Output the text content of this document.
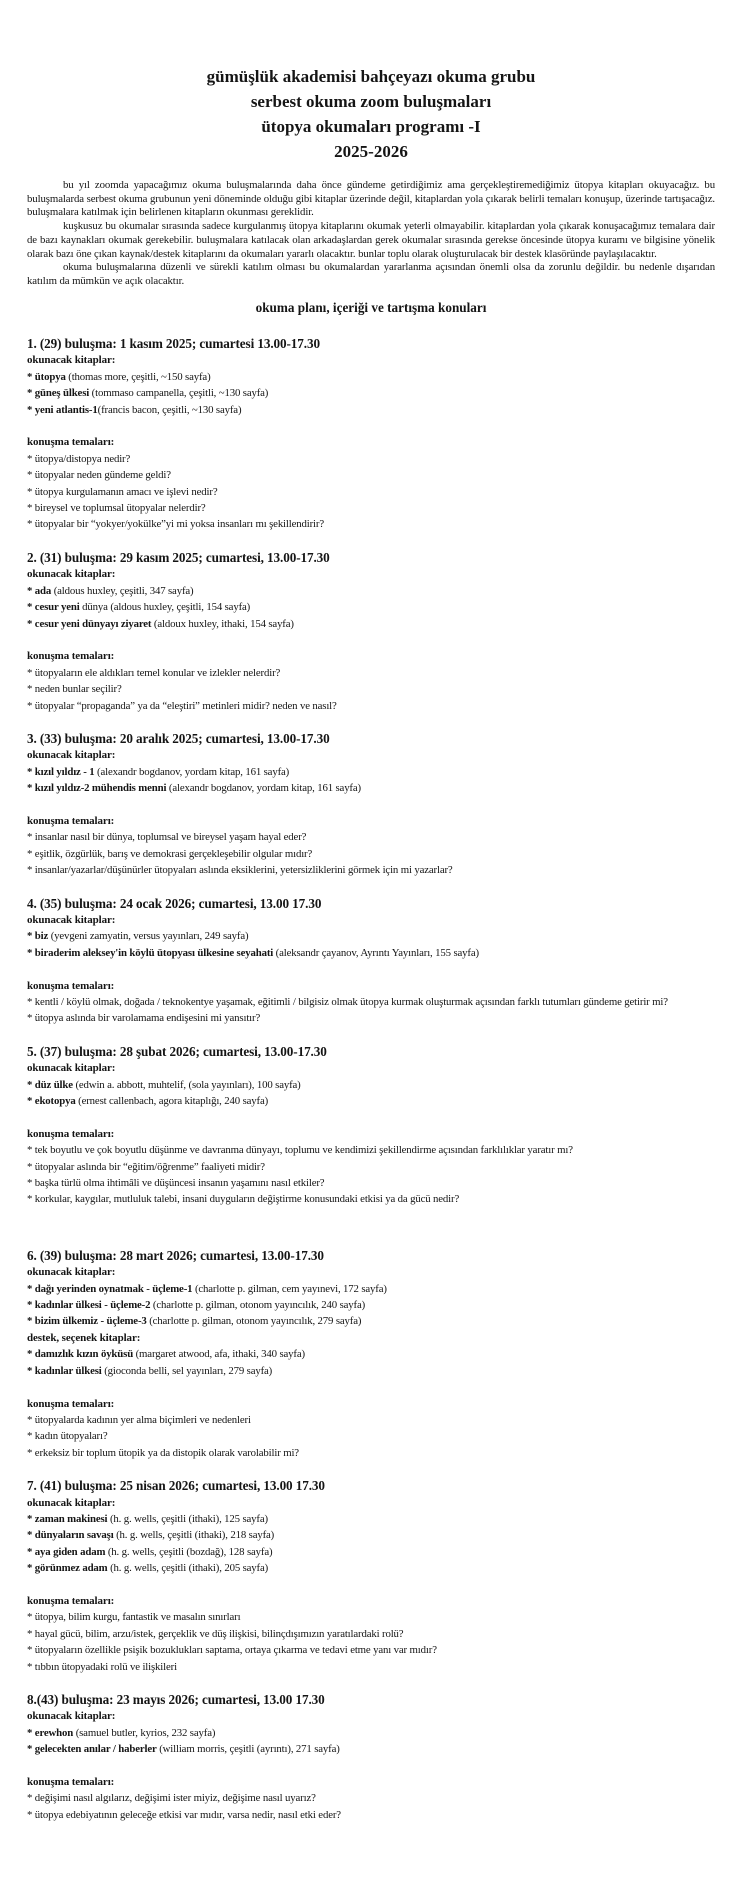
gümüşlük akademisi bahçeyazı okuma grubu
serbest okuma zoom buluşmaları
ütopya okumaları programı -I
2025-2026

bu yıl zoomda yapacağımız okuma buluşmalarında daha önce gündeme getirdiğimiz ama gerçekleştiremediğimiz ütopya kitapları okuyacağız. bu buluşmalarda serbest okuma grubunun yeni döneminde olduğu gibi kitaplar üzerinde değil, kitaplardan yola çıkarak belirli temaları konuşup, üzerinde tartışacağız. buluşmalara katılmak için belirlenen kitapların okunması gereklidir.

kuşkusuz bu okumalar sırasında sadece kurgulanmış ütopya kitaplarını okumak yeterli olmayabilir. kitaplardan yola çıkarak konuşacağımız temalara dair de bazı kaynakları okumak gerekebilir. buluşmalara katılacak olan arkadaşlardan gerek okumalar sırasında gerekse öncesinde ütopya kuramı ve bilgisine yönelik olarak bazı öne çıkan kaynak/destek kitaplarını da okumaları yararlı olacaktır. bunlar toplu olarak oluşturulacak bir destek klasöründe paylaşılacaktır.

okuma buluşmalarına düzenli ve sürekli katılım olması bu okumalardan yararlanma açısından önemli olsa da zorunlu değildir. bu nedenle dışarıdan katılım da mümkün ve açık olacaktır.

okuma planı, içeriği ve tartışma konuları
1. (29) buluşma: 1 kasım 2025; cumartesi 13.00-17.30

okunacak kitaplar:

* ütopya (thomas more, çeşitli, ~150 sayfa)

* güneş ülkesi (tommaso campanella, çeşitli, ~130 sayfa)

* yeni atlantis-1(francis bacon, çeşitli, ~130 sayfa)

konuşma temaları:

* ütopya/distopya nedir?

* ütopyalar neden gündeme geldi?

* ütopya kurgulamanın amacı ve işlevi nedir?

* bireysel ve toplumsal ütopyalar nelerdir?

* ütopyalar bir “yokyer/yokülke”yi mi yoksa insanları mı şekillendirir?

2. (31) buluşma: 29 kasım 2025; cumartesi, 13.00-17.30

okunacak kitaplar:

* ada (aldous huxley, çeşitli, 347 sayfa)

* cesur yeni dünya (aldous huxley, çeşitli, 154 sayfa)

* cesur yeni dünyayı ziyaret (aldoux huxley, ithaki, 154 sayfa)

konuşma temaları:

* ütopyaların ele aldıkları temel konular ve izlekler nelerdir?

* neden bunlar seçilir?

* ütopyalar “propaganda” ya da “eleştiri” metinleri midir? neden ve nasıl?

3. (33) buluşma: 20 aralık 2025; cumartesi, 13.00-17.30

okunacak kitaplar:

* kızıl yıldız - 1 (alexandr bogdanov, yordam kitap, 161 sayfa)

* kızıl yıldız-2 mühendis menni (alexandr bogdanov, yordam kitap, 161 sayfa)

konuşma temaları:

* insanlar nasıl bir dünya, toplumsal ve bireysel yaşam hayal eder?

* eşitlik, özgürlük, barış ve demokrasi gerçekleşebilir olgular mıdır?

* insanlar/yazarlar/düşünürler ütopyaları aslında eksiklerini, yetersizliklerini görmek için mi yazarlar?

4. (35) buluşma: 24 ocak 2026; cumartesi, 13.00 17.30

okunacak kitaplar:

* biz (yevgeni zamyatin, versus yayınları, 249 sayfa)

* biraderim aleksey'in köylü ütopyası ülkesine seyahati (aleksandr çayanov, Ayrıntı Yayınları, 155 sayfa)

konuşma temaları:

* kentli / köylü olmak, doğada / teknokentye yaşamak, eğitimli / bilgisiz olmak ütopya kurmak oluşturmak açısından farklı tutumları gündeme getirir mi?

* ütopya aslında bir varolamama endişesini mi yansıtır?

5. (37) buluşma: 28 şubat 2026; cumartesi, 13.00-17.30

okunacak kitaplar:

* düz ülke (edwin a. abbott, muhtelif, (sola yayınları), 100 sayfa)

* ekotopya (ernest callenbach, agora kitaplığı, 240 sayfa)

konuşma temaları:

* tek boyutlu ve çok boyutlu düşünme ve davranma dünyayı, toplumu ve kendimizi şekillendirme açısından farklılıklar yaratır mı?

* ütopyalar aslında bir “eğitim/öğrenme” faaliyeti midir?

* başka türlü olma ihtimâli ve düşüncesi insanın yaşamını nasıl etkiler?

* korkular, kaygılar, mutluluk talebi, insani duyguların değiştirme konusundaki etkisi ya da gücü nedir?

6. (39) buluşma: 28 mart 2026; cumartesi, 13.00-17.30

okunacak kitaplar:

* dağı yerinden oynatmak - üçleme-1 (charlotte p. gilman, cem yayınevi, 172 sayfa)

* kadınlar ülkesi - üçleme-2 (charlotte p. gilman, otonom yayıncılık, 240 sayfa)

* bizim ülkemiz - üçleme-3 (charlotte p. gilman, otonom yayıncılık, 279 sayfa)

destek, seçenek kitaplar:

* damızlık kızın öyküsü (margaret atwood, afa, ithaki, 340 sayfa)

* kadınlar ülkesi (gioconda belli, sel yayınları, 279 sayfa)

konuşma temaları:

* ütopyalarda kadının yer alma biçimleri ve nedenleri

* kadın ütopyaları?

* erkeksiz bir toplum ütopik ya da distopik olarak varolabilir mi?

7. (41) buluşma: 25 nisan 2026; cumartesi, 13.00 17.30

okunacak kitaplar:

* zaman makinesi (h. g. wells, çeşitli (ithaki), 125 sayfa)

* dünyaların savaşı (h. g. wells, çeşitli (ithaki), 218 sayfa)

* aya giden adam (h. g. wells, çeşitli (bozdağ), 128 sayfa)

* görünmez adam (h. g. wells, çeşitli (ithaki), 205 sayfa)

konuşma temaları:

* ütopya, bilim kurgu, fantastik ve masalın sınırları

* hayal gücü, bilim, arzu/istek, gerçeklik ve düş ilişkisi, bilinçdışımızın yaratılardaki rolü?

* ütopyaların özellikle psişik bozuklukları saptama, ortaya çıkarma ve tedavi etme yanı var mıdır?

* tıbbın ütopyadaki rolü ve ilişkileri

8.(43) buluşma: 23 mayıs 2026; cumartesi, 13.00 17.30

okunacak kitaplar:

* erewhon (samuel butler, kyrios, 232 sayfa)

* gelecekten anılar / haberler (william morris, çeşitli (ayrıntı), 271 sayfa)

konuşma temaları:

* değişimi nasıl algılarız, değişimi ister miyiz, değişime nasıl uyarız?

* ütopya edebiyatının geleceğe etkisi var mıdır, varsa nedir, nasıl etki eder?
